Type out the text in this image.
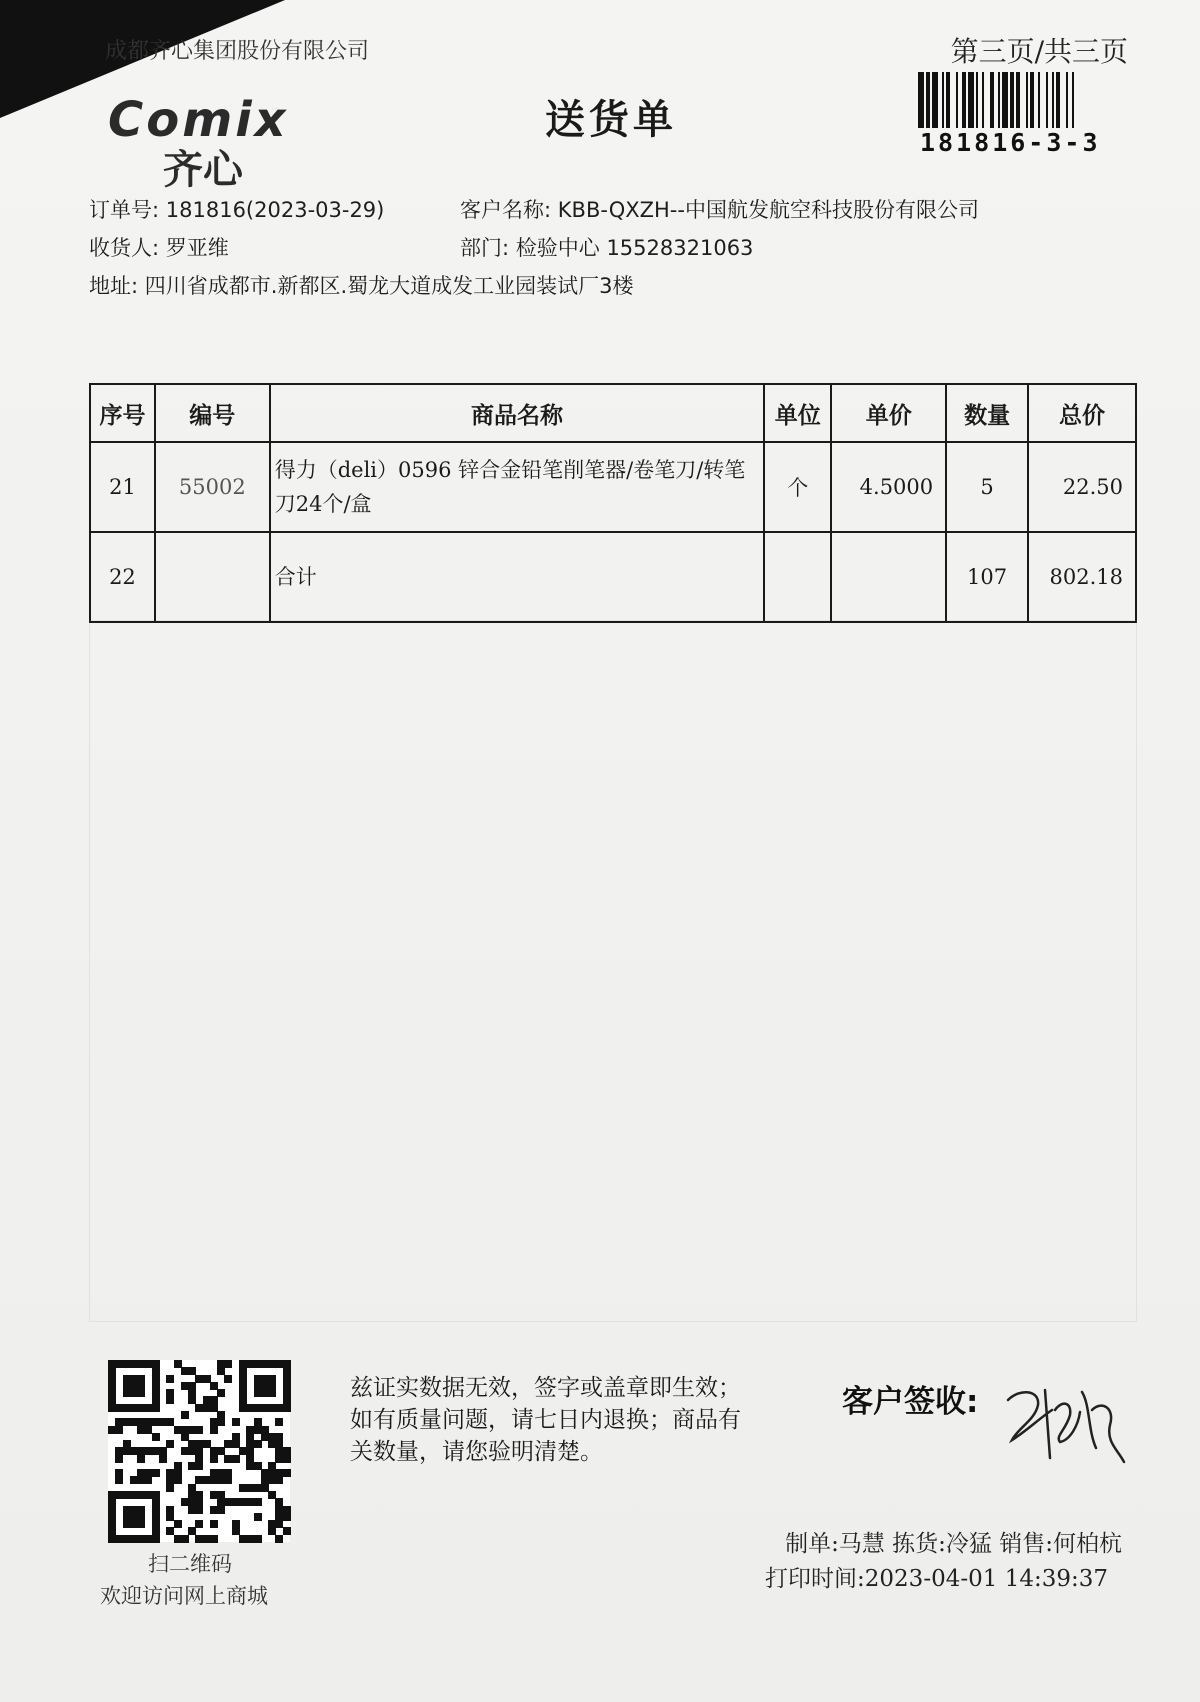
成都齐心集团股份有限公司
Comix
齐心
送货单
第三页/共三页
181816-3-3
订单号: 181816(2023-03-29)	客户名称: KBB-QXZH--中国航发航空科技股份有限公司
收货人: 罗亚维	部门: 检验中心 15528321063
地址: 四川省成都市.新都区.蜀龙大道成发工业园装试厂3楼
序号	编号	商品名称	单位	单价	数量	总价
21	55002	得力（deli）0596 锌合金铅笔削笔器/卷笔刀/转笔刀24个/盒	个	4.5000	5	22.50
22		合计			107	802.18
扫二维码
欢迎访问网上商城
兹证实数据无效，签字或盖章即生效；如有质量问题，请七日内退换；商品有关数量，请您验明清楚。
客户签收:
制单:马慧 拣货:冷猛 销售:何柏杭
打印时间:2023-04-01 14:39:37
